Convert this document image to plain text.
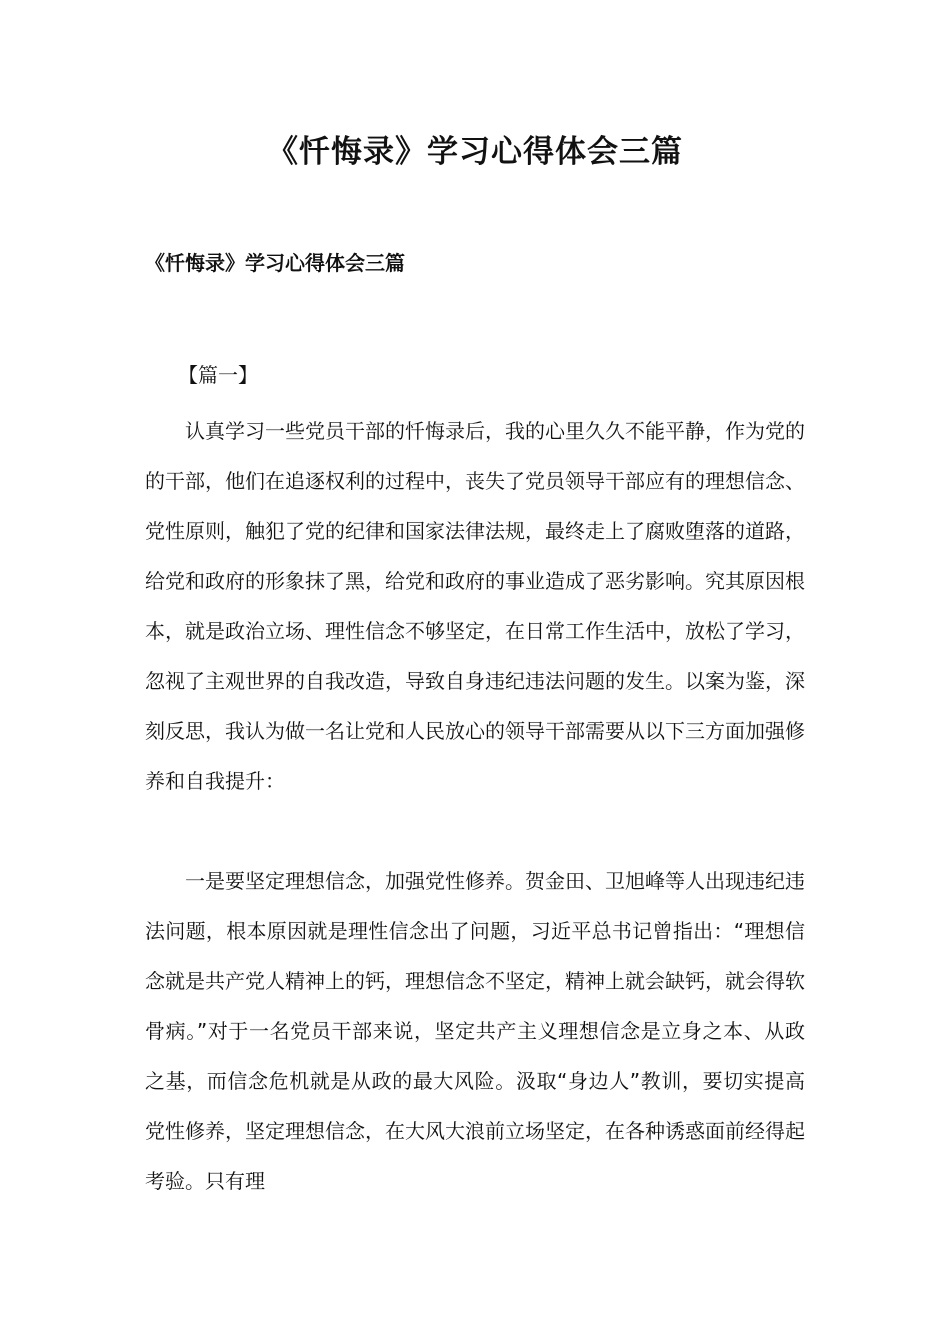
《忏悔录》学习心得体会三篇
《忏悔录》学习心得体会三篇
【篇一】

认真学习一些党员干部的忏悔录后，我的心里久久不能平静，作为党的的干部，他们在追逐权利的过程中，丧失了党员领导干部应有的理想信念、党性原则，触犯了党的纪律和国家法律法规，最终走上了腐败堕落的道路，给党和政府的形象抹了黑，给党和政府的事业造成了恶劣影响。究其原因根本，就是政治立场、理性信念不够坚定，在日常工作生活中，放松了学习，忽视了主观世界的自我改造，导致自身违纪违法问题的发生。以案为鉴，深刻反思，我认为做一名让党和人民放心的领导干部需要从以下三方面加强修养和自我提升：

一是要坚定理想信念，加强党性修养。贺金田、卫旭峰等人出现违纪违法问题，根本原因就是理性信念出了问题，习近平总书记曾指出：“理想信念就是共产党人精神上的钙，理想信念不坚定，精神上就会缺钙，就会得软骨病。”对于一名党员干部来说，坚定共产主义理想信念是立身之本、从政之基，而信念危机就是从政的最大风险。汲取“身边人”教训，要切实提高党性修养，坚定理想信念，在大风大浪前立场坚定，在各种诱惑面前经得起考验。只有理
